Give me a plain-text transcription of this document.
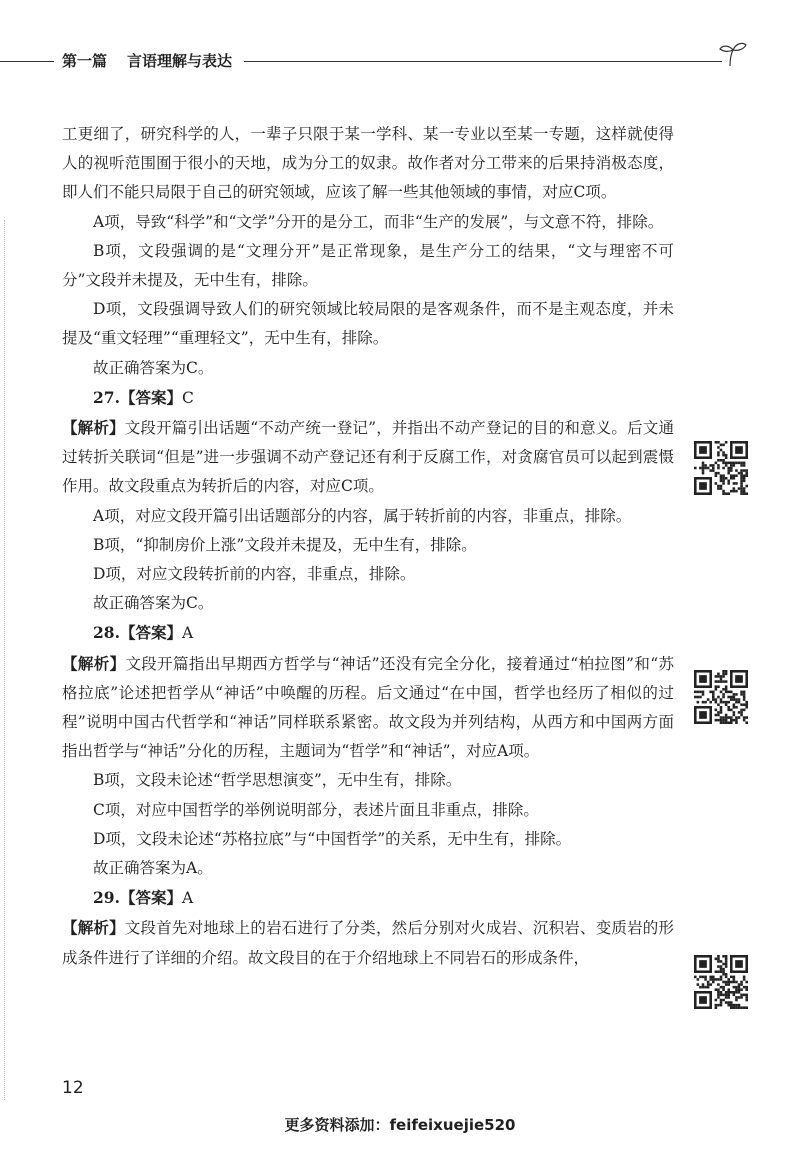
第一篇 言语理解与表达

工更细了，研究科学的人，一辈子只限于某一学科、某一专业以至某一专题，这样就使得人的视听范围囿于很小的天地，成为分工的奴隶。故作者对分工带来的后果持消极态度，即人们不能只局限于自己的研究领域，应该了解一些其他领域的事情，对应C项。

A项，导致“科学”和“文学”分开的是分工，而非“生产的发展”，与文意不符，排除。

B项，文段强调的是“文理分开”是正常现象，是生产分工的结果，“文与理密不可分”文段并未提及，无中生有，排除。

D项，文段强调导致人们的研究领域比较局限的是客观条件，而不是主观态度，并未提及“重文轻理”“重理轻文”，无中生有，排除。

故正确答案为C。

27.【答案】C

【解析】文段开篇引出话题“不动产统一登记”，并指出不动产登记的目的和意义。后文通过转折关联词“但是”进一步强调不动产登记还有利于反腐工作，对贪腐官员可以起到震慑作用。故文段重点为转折后的内容，对应C项。

A项，对应文段开篇引出话题部分的内容，属于转折前的内容，非重点，排除。

B项，“抑制房价上涨”文段并未提及，无中生有，排除。

D项，对应文段转折前的内容，非重点，排除。

故正确答案为C。

28.【答案】A

【解析】文段开篇指出早期西方哲学与“神话”还没有完全分化，接着通过“柏拉图”和“苏格拉底”论述把哲学从“神话”中唤醒的历程。后文通过“在中国，哲学也经历了相似的过程”说明中国古代哲学和“神话”同样联系紧密。故文段为并列结构，从西方和中国两方面指出哲学与“神话”分化的历程，主题词为“哲学”和“神话”，对应A项。

B项，文段未论述“哲学思想演变”，无中生有，排除。

C项，对应中国哲学的举例说明部分，表述片面且非重点，排除。

D项，文段未论述“苏格拉底”与“中国哲学”的关系，无中生有，排除。

故正确答案为A。

29.【答案】A

【解析】文段首先对地球上的岩石进行了分类，然后分别对火成岩、沉积岩、变质岩的形成条件进行了详细的介绍。故文段目的在于介绍地球上不同岩石的形成条件，

12
更多资料添加：feifeixuejie520
